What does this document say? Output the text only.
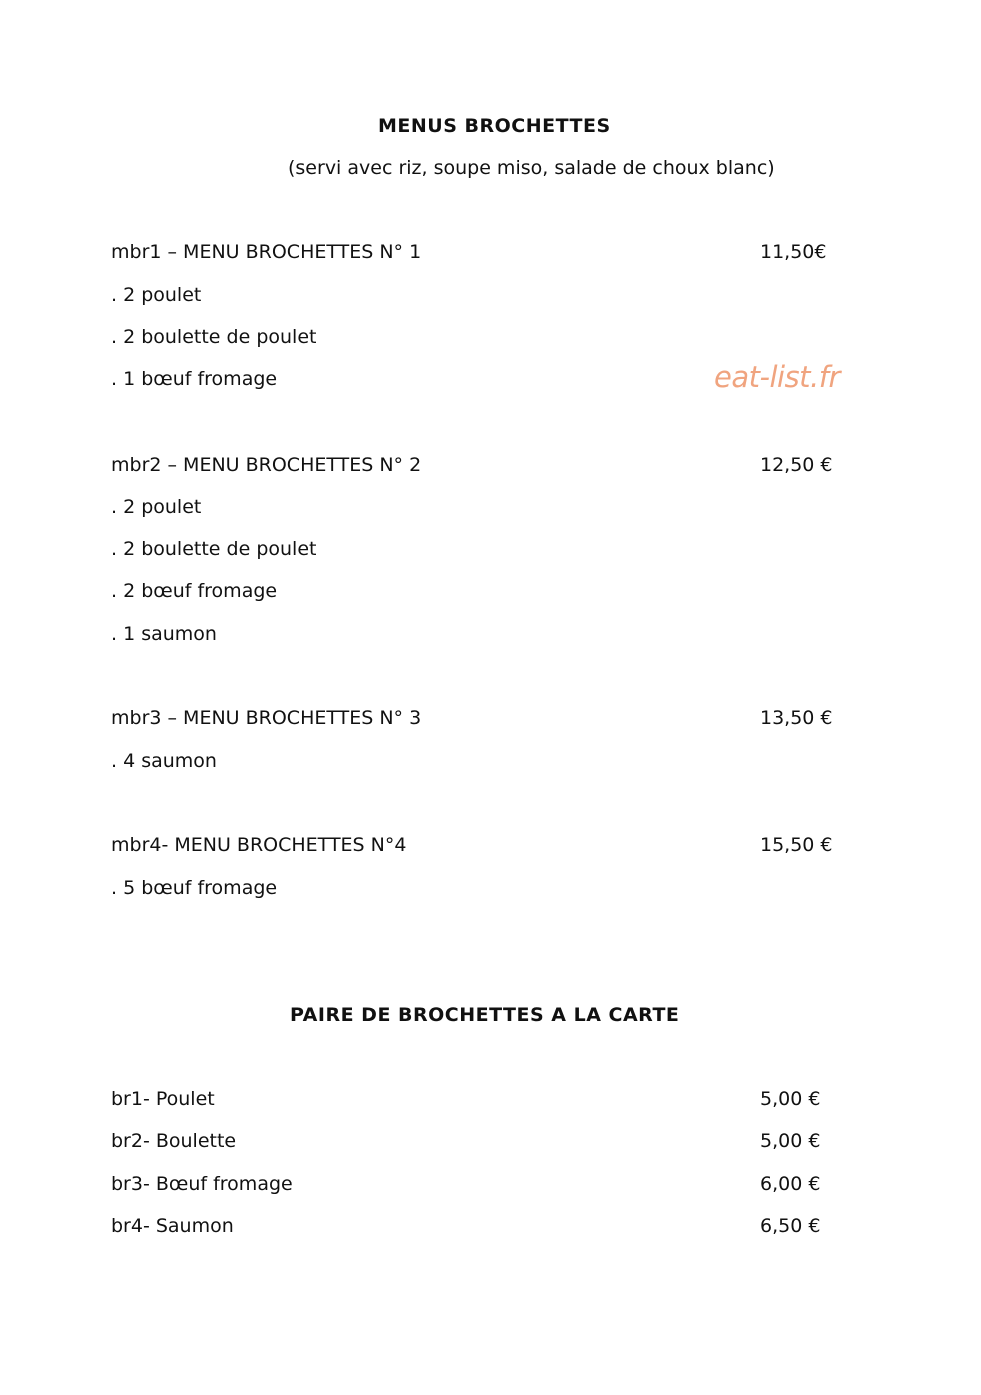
MENUS BROCHETTES
(servi avec riz, soupe miso, salade de choux blanc)
mbr1 – MENU BROCHETTES N° 1	11,50€
. 2 poulet
. 2 boulette de poulet
. 1 bœuf fromage	eat-list.fr
mbr2 – MENU BROCHETTES N° 2	12,50 €
. 2 poulet
. 2 boulette de poulet
. 2 bœuf fromage
. 1 saumon
mbr3 – MENU BROCHETTES N° 3	13,50 €
. 4 saumon
mbr4- MENU BROCHETTES N°4	15,50 €
. 5 bœuf fromage
PAIRE DE BROCHETTES A LA CARTE
br1- Poulet	5,00 €
br2- Boulette	5,00 €
br3- Bœuf fromage	6,00 €
br4- Saumon	6,50 €
